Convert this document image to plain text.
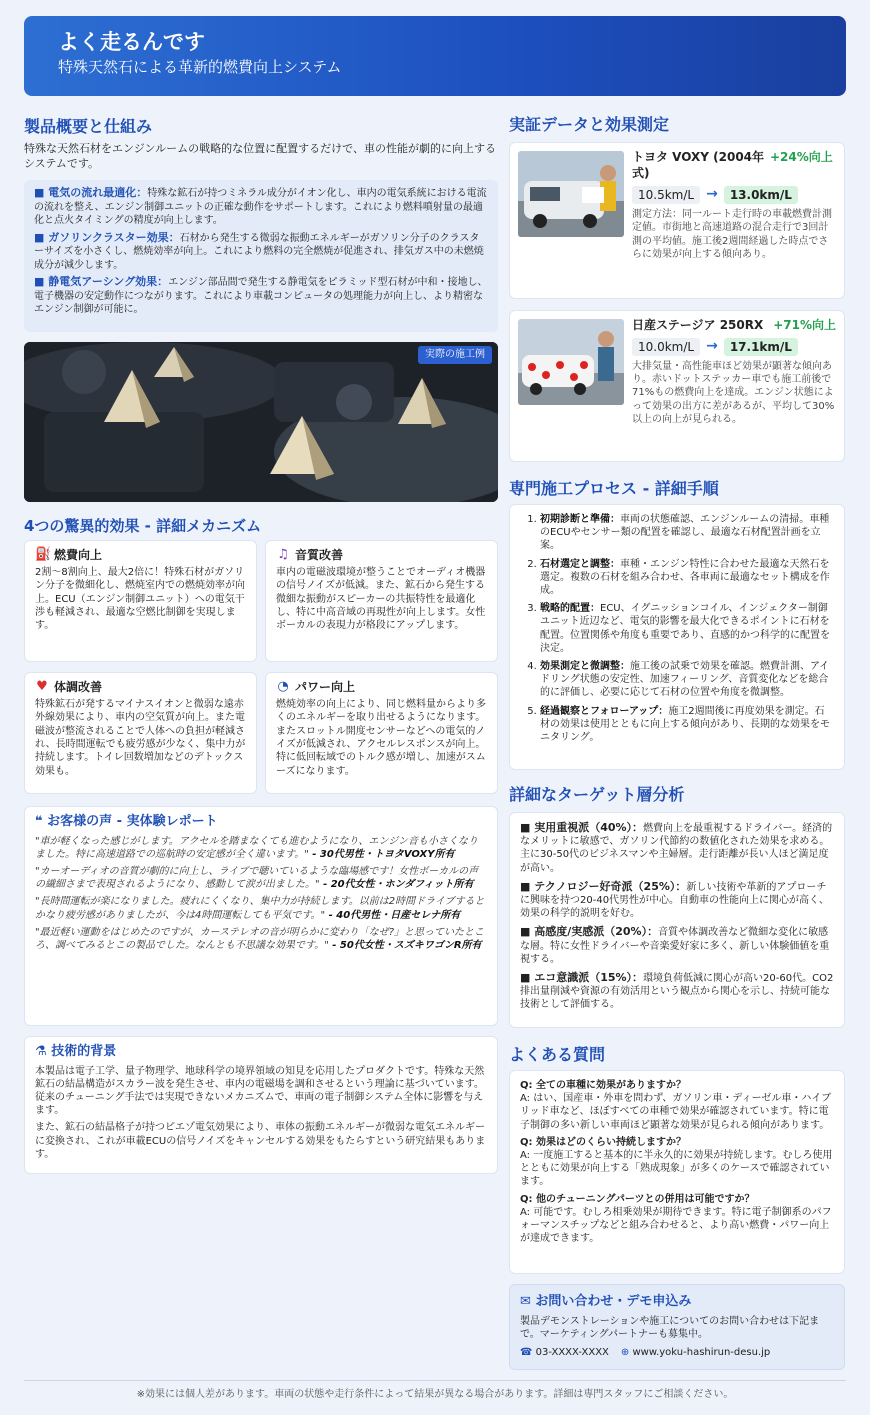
よく走るんです
特殊天然石による革新的燃費向上システム
製品概要と仕組み
特殊な天然石材をエンジンルームの戦略的な位置に配置するだけで、車の性能が劇的に向上するシステムです。

■ 電気の流れ最適化：特殊な鉱石が持つミネラル成分がイオン化し、車内の電気系統における電流の流れを整え、エンジン制御ユニットの正確な動作をサポートします。これにより燃料噴射量の最適化と点火タイミングの精度が向上します。

■ ガソリンクラスター効果：石材から発生する微弱な振動エネルギーがガソリン分子のクラスターサイズを小さくし、燃焼効率が向上。これにより燃料の完全燃焼が促進され、排気ガス中の未燃焼成分が減少します。

■ 静電気アーシング効果：エンジン部品間で発生する静電気をピラミッド型石材が中和・接地し、電子機器の安定動作につながります。これにより車載コンピュータの処理能力が向上し、より精密なエンジン制御が可能に。

実際の施工例
4つの驚異的効果 - 詳細メカニズム
⛽ 燃費向上
2割〜8割向上、最大2倍に！特殊石材がガソリン分子を微細化し、燃焼室内での燃焼効率が向上。ECU（エンジン制御ユニット）への電気干渉も軽減され、最適な空燃比制御を実現します。
♫ 音質改善
車内の電磁波環境が整うことでオーディオ機器の信号ノイズが低減。また、鉱石から発生する微細な振動がスピーカーの共振特性を最適化し、特に中高音域の再現性が向上します。女性ボーカルの表現力が格段にアップします。
♥ 体調改善
特殊鉱石が発するマイナスイオンと微弱な遠赤外線効果により、車内の空気質が向上。また電磁波が整流されることで人体への負担が軽減され、長時間運転でも疲労感が少なく、集中力が持続します。トイレ回数増加などのデトックス効果も。
◔ パワー向上
燃焼効率の向上により、同じ燃料量からより多くのエネルギーを取り出せるようになります。またスロットル開度センサーなどへの電気的ノイズが低減され、アクセルレスポンスが向上。特に低回転域でのトルク感が増し、加速がスムーズになります。
❝ お客様の声 - 実体験レポート

"車が軽くなった感じがします。アクセルを踏まなくても進むようになり、エンジン音も小さくなりました。特に高速道路での巡航時の安定感が全く違います。" - 30代男性・トヨタVOXY所有

"カーオーディオの音質が劇的に向上し、ライブで聴いているような臨場感です！女性ボーカルの声の繊細さまで表現されるようになり、感動して涙が出ました。" - 20代女性・ホンダフィット所有

"長時間運転が楽になりました。疲れにくくなり、集中力が持続します。以前は2時間ドライブするとかなり疲労感がありましたが、今は4時間運転しても平気です。" - 40代男性・日産セレナ所有

"最近軽い運動をはじめたのですが、カーステレオの音が明らかに変わり「なぜ?」と思っていたところ、調べてみるとこの製品でした。なんとも不思議な効果です。" - 50代女性・スズキワゴンR所有

⚗ 技術的背景

本製品は電子工学、量子物理学、地球科学の境界領域の知見を応用したプロダクトです。特殊な天然鉱石の結晶構造がスカラー波を発生させ、車内の電磁場を調和させるという理論に基づいています。従来のチューニング手法では実現できないメカニズムで、車両の電子制御システム全体に影響を与えます。

また、鉱石の結晶格子が持つピエゾ電気効果により、車体の振動エネルギーが微弱な電気エネルギーに変換され、これが車載ECUの信号ノイズをキャンセルする効果をもたらすという研究結果もあります。

実証データと効果測定
トヨタ VOXY (2004年式)
+24%向上
10.5km/L →	13.0km/L
測定方法：同一ルート走行時の車載燃費計測定値。市街地と高速道路の混合走行で3回計測の平均値。施工後2週間経過した時点でさらに効果が向上する傾向あり。
日産ステージア 250RX +71%向上
10.0km/L →	17.1km/L
大排気量・高性能車ほど効果が顕著な傾向あり。赤いドットステッカー車でも施工前後で71%もの燃費向上を達成。エンジン状態によって効果の出方に差があるが、平均して30%以上の向上が見られる。
専門施工プロセス - 詳細手順
1. 初期診断と準備：車両の状態確認、エンジンルームの清掃。車種のECUやセンサー類の配置を確認し、最適な石材配置計画を立案。
2. 石材選定と調整：車種・エンジン特性に合わせた最適な天然石を選定。複数の石材を組み合わせ、各車両に最適なセット構成を作成。
3. 戦略的配置：ECU、イグニッションコイル、インジェクター制御ユニット近辺など、電気的影響を最大化できるポイントに石材を配置。位置関係や角度も重要であり、直感的かつ科学的に配置を決定。
4. 効果測定と微調整：施工後の試乗で効果を確認。燃費計測、アイドリング状態の安定性、加速フィーリング、音質変化などを総合的に評価し、必要に応じて石材の位置や角度を微調整。
5. 経過観察とフォローアップ：施工2週間後に再度効果を測定。石材の効果は使用とともに向上する傾向があり、長期的な効果をモニタリング。
詳細なターゲット層分析

■ 実用重視派（40%）：燃費向上を最重視するドライバー。経済的なメリットに敏感で、ガソリン代節約の数値化された効果を求める。主に30-50代のビジネスマンや主婦層。走行距離が長い人ほど満足度が高い。

■ テクノロジー好奇派（25%）：新しい技術や革新的アプローチに興味を持つ20-40代男性が中心。自動車の性能向上に関心が高く、効果の科学的説明を好む。

■ 高感度/実感派（20%）：音質や体調改善など微細な変化に敏感な層。特に女性ドライバーや音楽愛好家に多く、新しい体験価値を重視する。

■ エコ意識派（15%）：環境負荷低減に関心が高い20-60代。CO2排出量削減や資源の有効活用という観点から関心を示し、持続可能な技術として評価する。

よくある質問
Q: 全ての車種に効果がありますか？
A: はい、国産車・外車を問わず、ガソリン車・ディーゼル車・ハイブリッド車など、ほぼすべての車種で効果が確認されています。特に電子制御の多い新しい車両ほど顕著な効果が見られる傾向があります。
Q: 効果はどのくらい持続しますか？
A: 一度施工すると基本的に半永久的に効果が持続します。むしろ使用とともに効果が向上する「熟成現象」が多くのケースで確認されています。
Q: 他のチューニングパーツとの併用は可能ですか？
A: 可能です。むしろ相乗効果が期待できます。特に電子制御系のパフォーマンスチップなどと組み合わせると、より高い燃費・パワー向上が達成できます。
✉ お問い合わせ・デモ申込み
製品デモンストレーションや施工についてのお問い合わせは下記まで。マーケティングパートナーも募集中。
☎ 03-XXXX-XXXX ⊕ www.yoku-hashirun-desu.jp
※効果には個人差があります。車両の状態や走行条件によって結果が異なる場合があります。詳細は専門スタッフにご相談ください。
